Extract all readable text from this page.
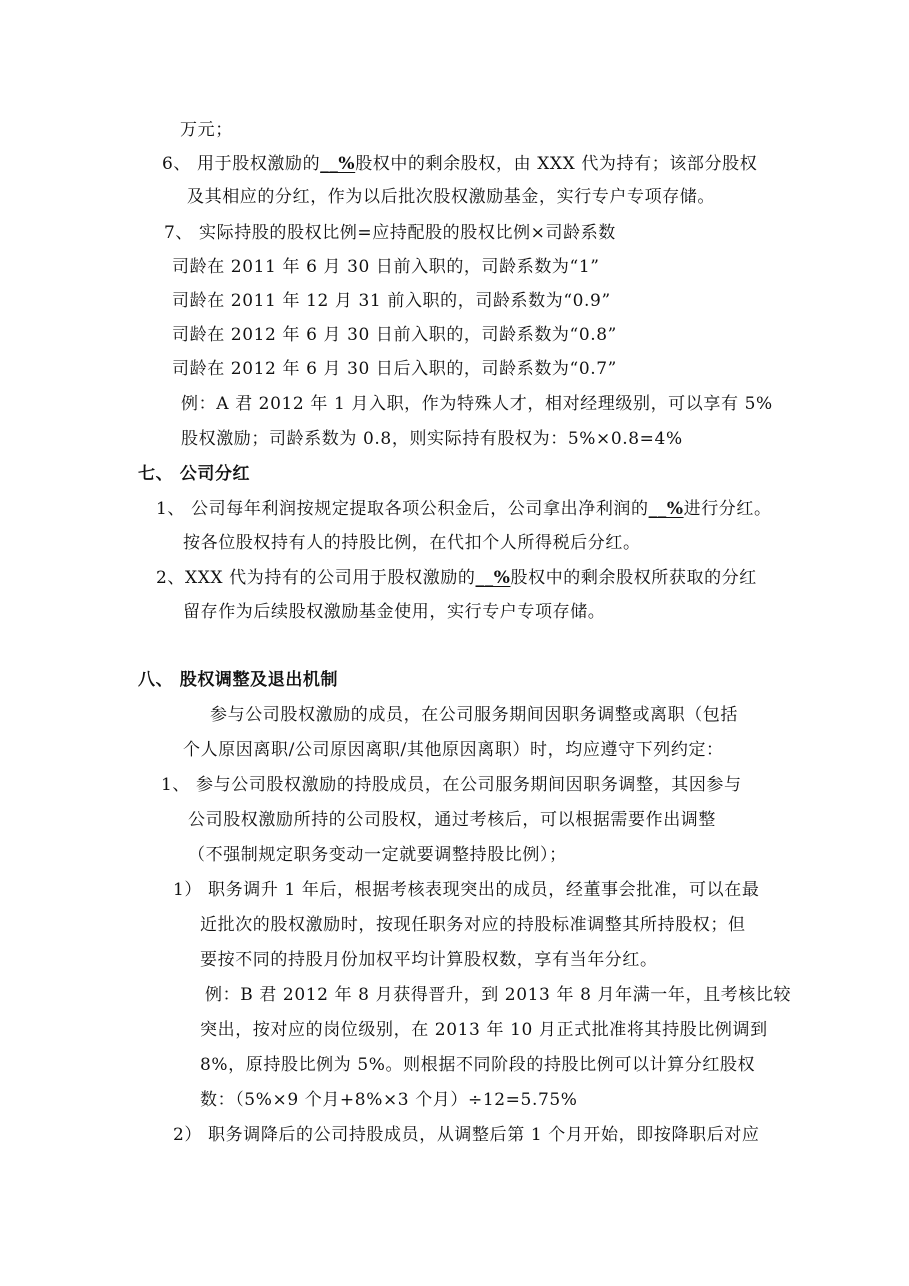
万元；
6、 用于股权激励的__%股权中的剩余股权，由 XXX 代为持有；该部分股权
及其相应的分红，作为以后批次股权激励基金，实行专户专项存储。
7、 实际持股的股权比例=应持配股的股权比例×司龄系数
司龄在 2011 年 6 月 30 日前入职的，司龄系数为“1”
司龄在 2011 年 12 月 31 前入职的，司龄系数为“0.9”
司龄在 2012 年 6 月 30 日前入职的，司龄系数为“0.8”
司龄在 2012 年 6 月 30 日后入职的，司龄系数为“0.7”
例：A 君 2012 年 1 月入职，作为特殊人才，相对经理级别，可以享有 5%
股权激励；司龄系数为 0.8，则实际持有股权为：5%×0.8=4%
七、 公司分红
1、 公司每年利润按规定提取各项公积金后，公司拿出净利润的__%进行分红。
按各位股权持有人的持股比例，在代扣个人所得税后分红。
2、XXX 代为持有的公司用于股权激励的__%股权中的剩余股权所获取的分红
留存作为后续股权激励基金使用，实行专户专项存储。
八、 股权调整及退出机制
参与公司股权激励的成员，在公司服务期间因职务调整或离职（包括
个人原因离职/公司原因离职/其他原因离职）时，均应遵守下列约定：
1、 参与公司股权激励的持股成员，在公司服务期间因职务调整，其因参与
公司股权激励所持的公司股权，通过考核后，可以根据需要作出调整
（不强制规定职务变动一定就要调整持股比例）；
1） 职务调升 1 年后，根据考核表现突出的成员，经董事会批准，可以在最
近批次的股权激励时，按现任职务对应的持股标准调整其所持股权；但
要按不同的持股月份加权平均计算股权数，享有当年分红。
例：B 君 2012 年 8 月获得晋升，到 2013 年 8 月年满一年，且考核比较
突出，按对应的岗位级别，在 2013 年 10 月正式批准将其持股比例调到
8%，原持股比例为 5%。则根据不同阶段的持股比例可以计算分红股权
数：（5%×9 个月+8%×3 个月）÷12=5.75%
2） 职务调降后的公司持股成员，从调整后第 1 个月开始，即按降职后对应
